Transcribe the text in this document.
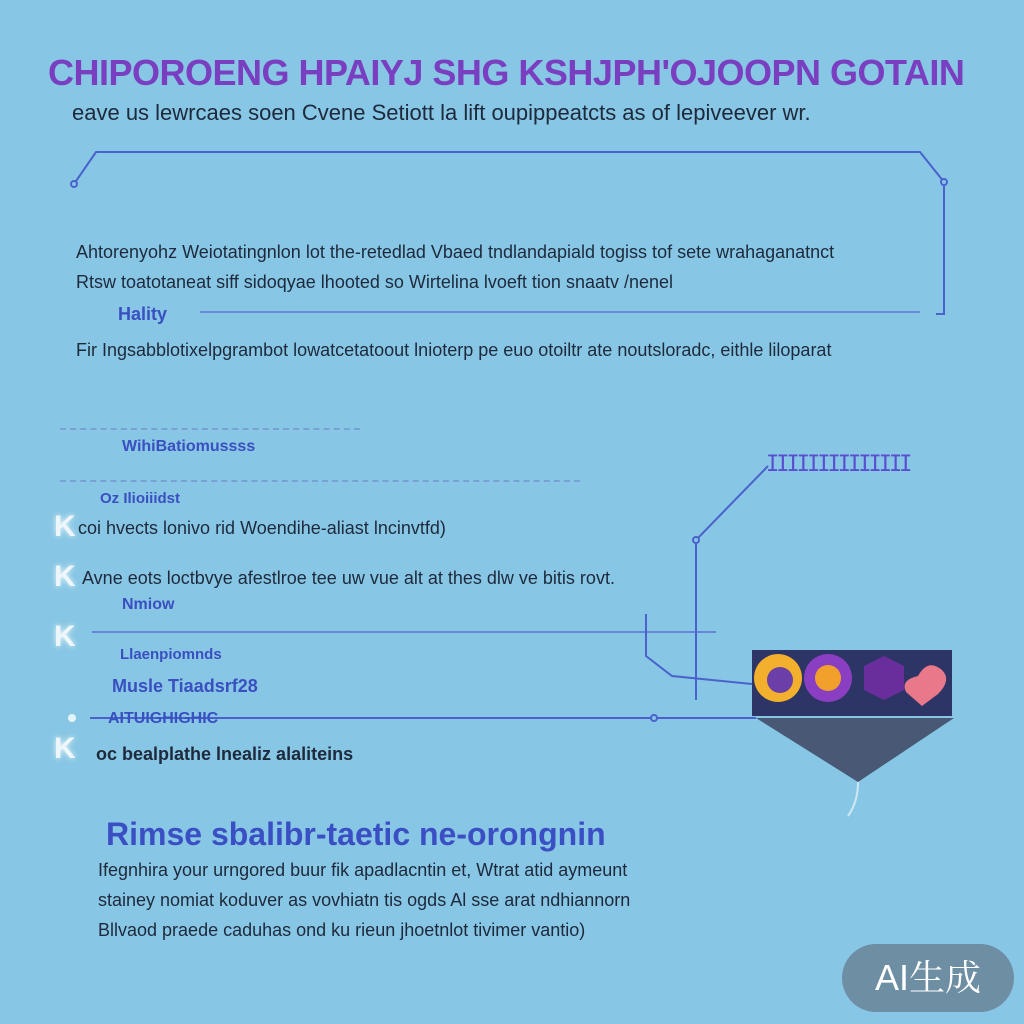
CHIPOROENG HPAIYJ SHG KSHJPH'OJOOPN GOTAIN
eave us lewrcaes soen Cvene Setiott la lift oupippeatcts as of lepiveever wr.
Ahtorenyohz Weiotatingnlon lot the-retedlad Vbaed tndlandapiald togiss tof sete wrahaganatnct
Rtsw toatotaneat siff sidoqyae lhooted so Wirtelina lvoeft tion snaatv /nenel
Hality
Fir Ingsabblotixelpgrambot lowatcetatoout lnioterp pe euo otoiltr ate noutsloradc, eithle liloparat
WihiBatiomussss
Oz Ilioiiidst
K coi hvects lonivo rid Woendihe-aliast lncinvtfd)
K Avne eots loctbvye afestlroe tee uw vue alt at thes dlw ve bitis rovt.
Nmiow
K
Llaenpiomnds
Musle Tiaadsrf28
AITUIGHIGHIC
K	oc bealplathe lnealiz alaliteins
IIIIIIIIIIIIII
Rimse sbalibr-taetic ne-orongnin
Ifegnhira your urngored buur fik apadlacntin et, Wtrat atid aymeunt
stainey nomiat koduver as vovhiatn tis ogds Al sse arat ndhiannorn
Bllvaod praede caduhas ond ku rieun jhoetnlot tivimer vantio)
AI生成
